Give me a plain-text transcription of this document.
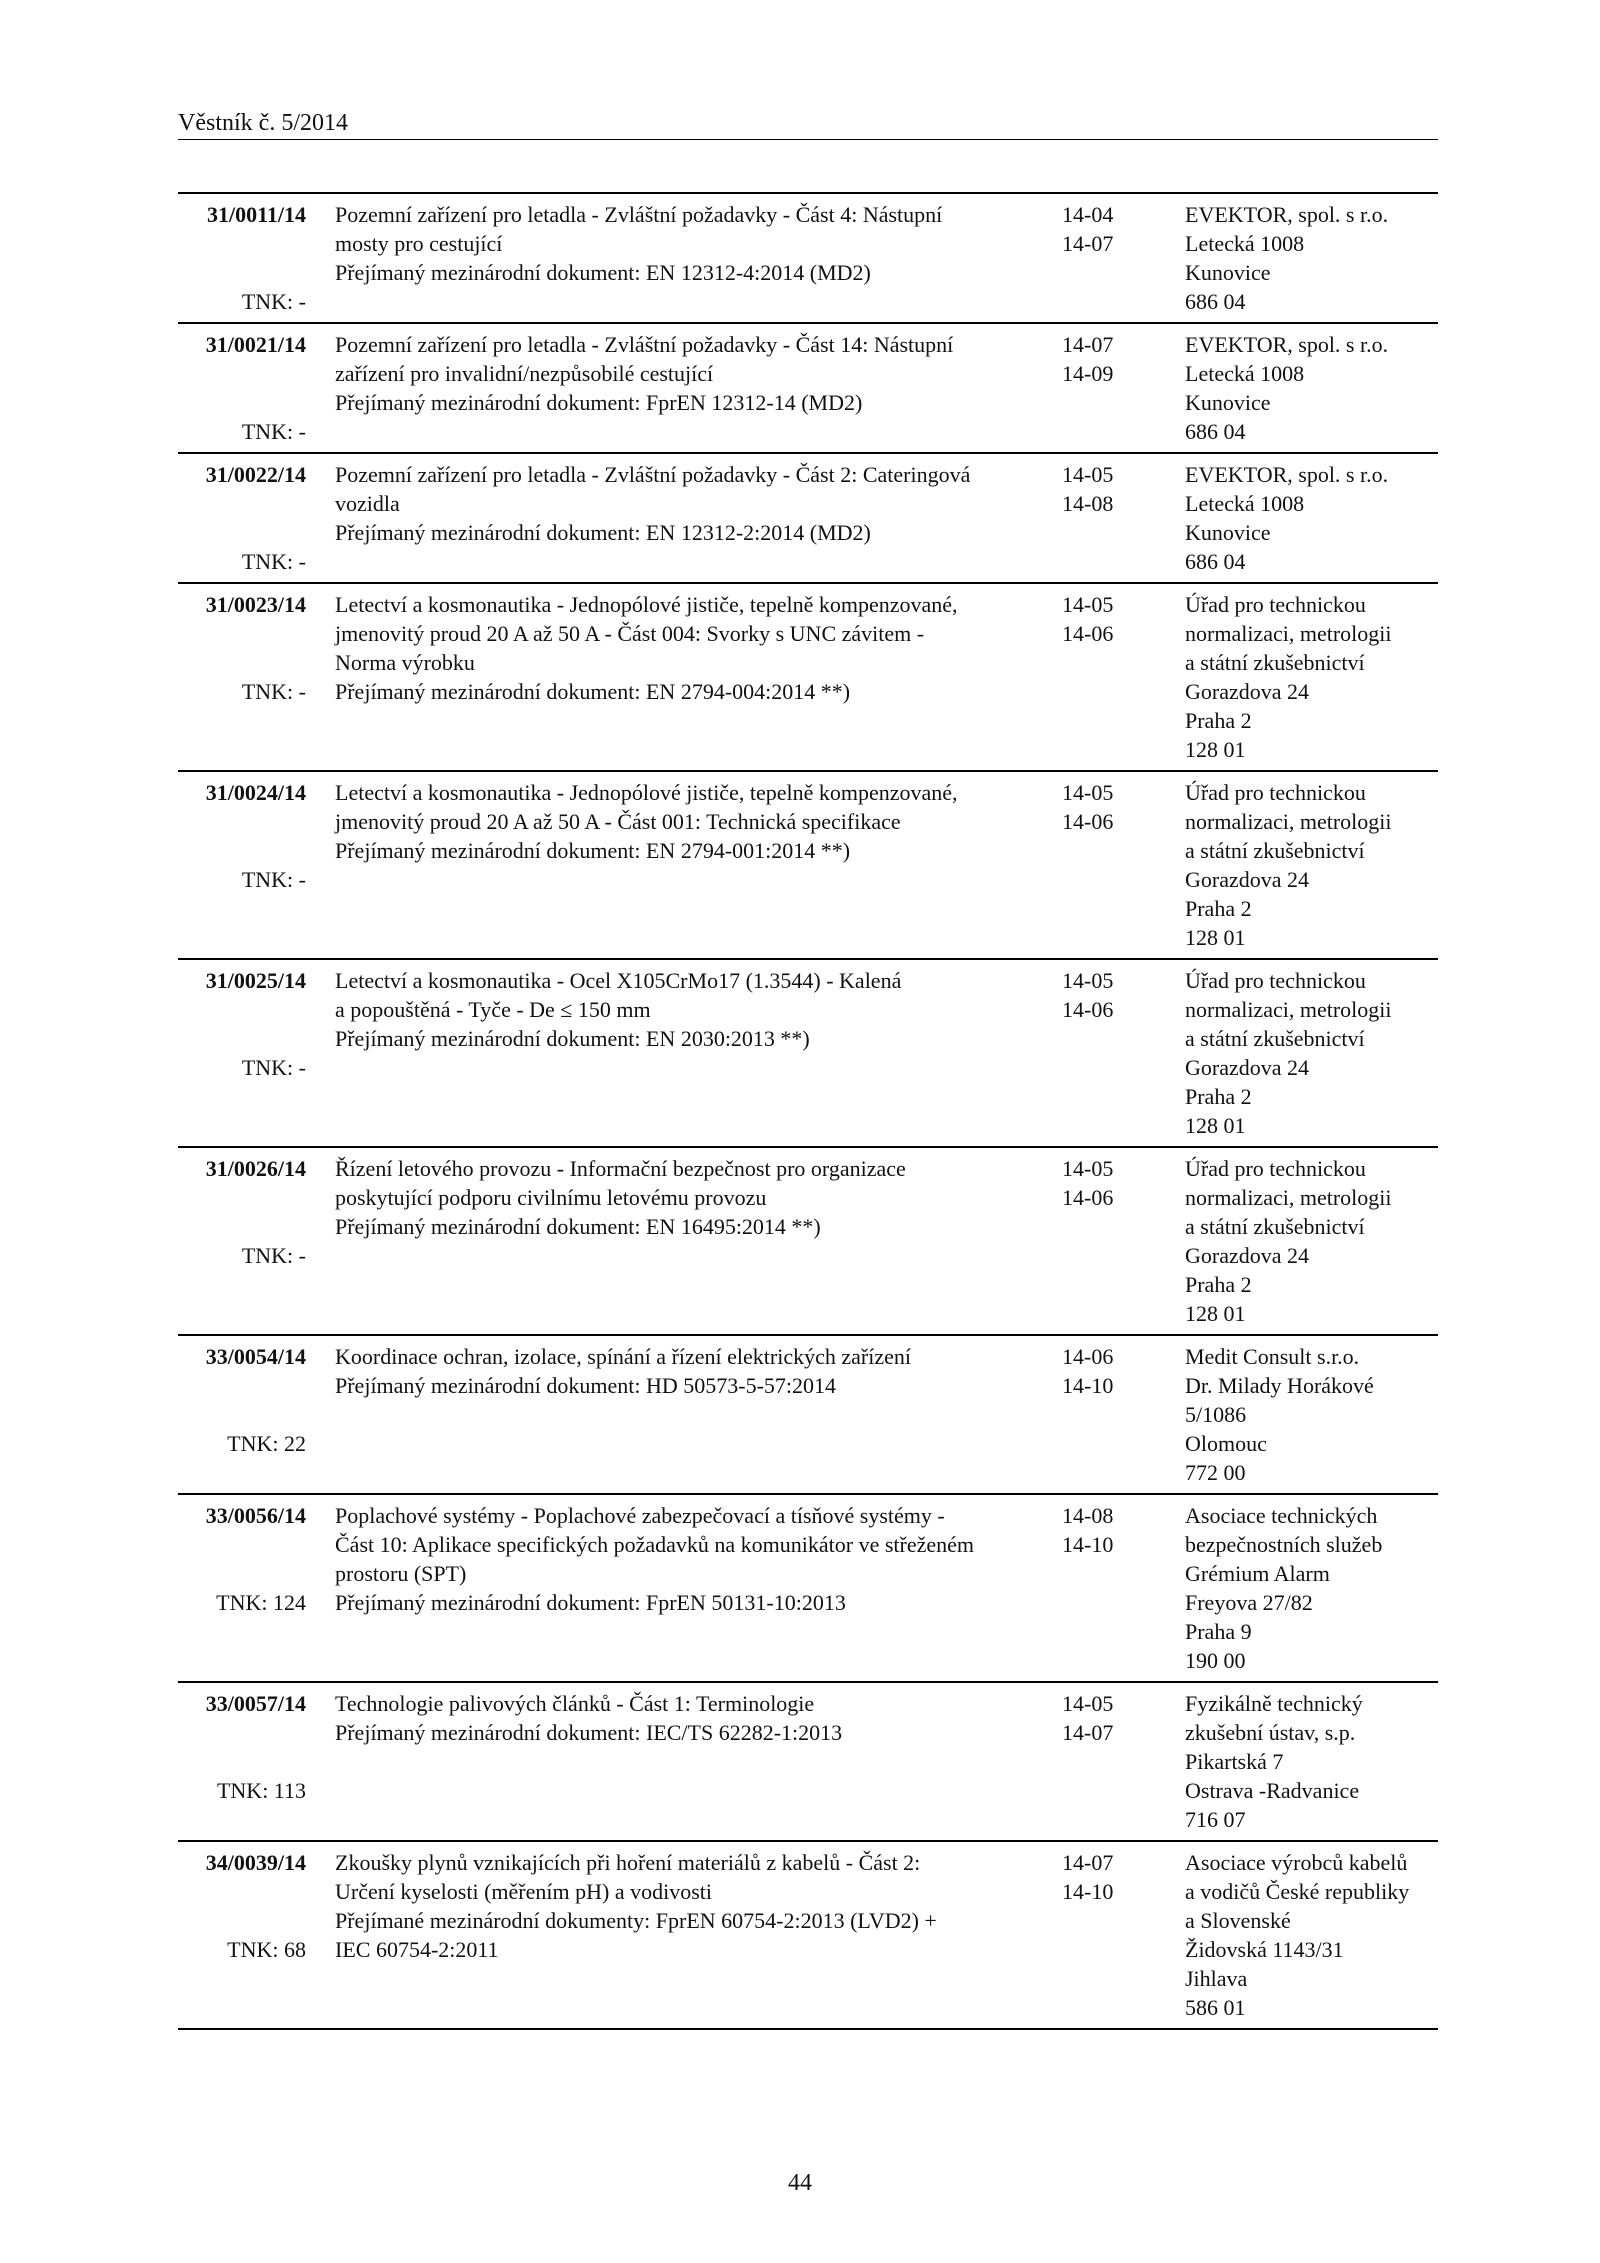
Věstník č. 5/2014
31/0011/14
TNK: -
Pozemní zařízení pro letadla - Zvláštní požadavky - Část 4: Nástupní
mosty pro cestující
Přejímaný mezinárodní dokument: EN 12312-4:2014 (MD2)
14-04
14-07
EVEKTOR, spol. s r.o.
Letecká 1008
Kunovice
686 04
31/0021/14
TNK: -
Pozemní zařízení pro letadla - Zvláštní požadavky - Část 14: Nástupní
zařízení pro invalidní/nezpůsobilé cestující
Přejímaný mezinárodní dokument: FprEN 12312-14 (MD2)
14-07
14-09
EVEKTOR, spol. s r.o.
Letecká 1008
Kunovice
686 04
31/0022/14
TNK: -
Pozemní zařízení pro letadla - Zvláštní požadavky - Část 2: Cateringová
vozidla
Přejímaný mezinárodní dokument: EN 12312-2:2014 (MD2)
14-05
14-08
EVEKTOR, spol. s r.o.
Letecká 1008
Kunovice
686 04
31/0023/14
TNK: -
Letectví a kosmonautika - Jednopólové jističe, tepelně kompenzované,
jmenovitý proud 20 A až 50 A - Část 004: Svorky s UNC závitem -
Norma výrobku
Přejímaný mezinárodní dokument: EN 2794-004:2014 **)
14-05
14-06
Úřad pro technickou
normalizaci, metrologii
a státní zkušebnictví
Gorazdova 24
Praha 2
128 01
31/0024/14
TNK: -
Letectví a kosmonautika - Jednopólové jističe, tepelně kompenzované,
jmenovitý proud 20 A až 50 A - Část 001: Technická specifikace
Přejímaný mezinárodní dokument: EN 2794-001:2014 **)
14-05
14-06
Úřad pro technickou
normalizaci, metrologii
a státní zkušebnictví
Gorazdova 24
Praha 2
128 01
31/0025/14
TNK: -
Letectví a kosmonautika - Ocel X105CrMo17 (1.3544) - Kalená
a popouštěná - Tyče - De ≤ 150 mm
Přejímaný mezinárodní dokument: EN 2030:2013 **)
14-05
14-06
Úřad pro technickou
normalizaci, metrologii
a státní zkušebnictví
Gorazdova 24
Praha 2
128 01
31/0026/14
TNK: -
Řízení letového provozu - Informační bezpečnost pro organizace
poskytující podporu civilnímu letovému provozu
Přejímaný mezinárodní dokument: EN 16495:2014 **)
14-05
14-06
Úřad pro technickou
normalizaci, metrologii
a státní zkušebnictví
Gorazdova 24
Praha 2
128 01
33/0054/14
TNK: 22
Koordinace ochran, izolace, spínání a řízení elektrických zařízení
Přejímaný mezinárodní dokument: HD 50573-5-57:2014
14-06
14-10
Medit Consult s.r.o.
Dr. Milady Horákové
5/1086
Olomouc
772 00
33/0056/14
TNK: 124
Poplachové systémy - Poplachové zabezpečovací a tísňové systémy -
Část 10: Aplikace specifických požadavků na komunikátor ve střeženém
prostoru (SPT)
Přejímaný mezinárodní dokument: FprEN 50131-10:2013
14-08
14-10
Asociace technických
bezpečnostních služeb
Grémium Alarm
Freyova 27/82
Praha 9
190 00
33/0057/14
TNK: 113
Technologie palivových článků - Část 1: Terminologie
Přejímaný mezinárodní dokument: IEC/TS 62282-1:2013
14-05
14-07
Fyzikálně technický
zkušební ústav, s.p.
Pikartská 7
Ostrava -Radvanice
716 07
34/0039/14
TNK: 68
Zkoušky plynů vznikajících při hoření materiálů z kabelů - Část 2:
Určení kyselosti (měřením pH) a vodivosti
Přejímané mezinárodní dokumenty: FprEN 60754-2:2013 (LVD2) +
IEC 60754-2:2011
14-07
14-10
Asociace výrobců kabelů
a vodičů České republiky
a Slovenské
Židovská 1143/31
Jihlava
586 01
44
